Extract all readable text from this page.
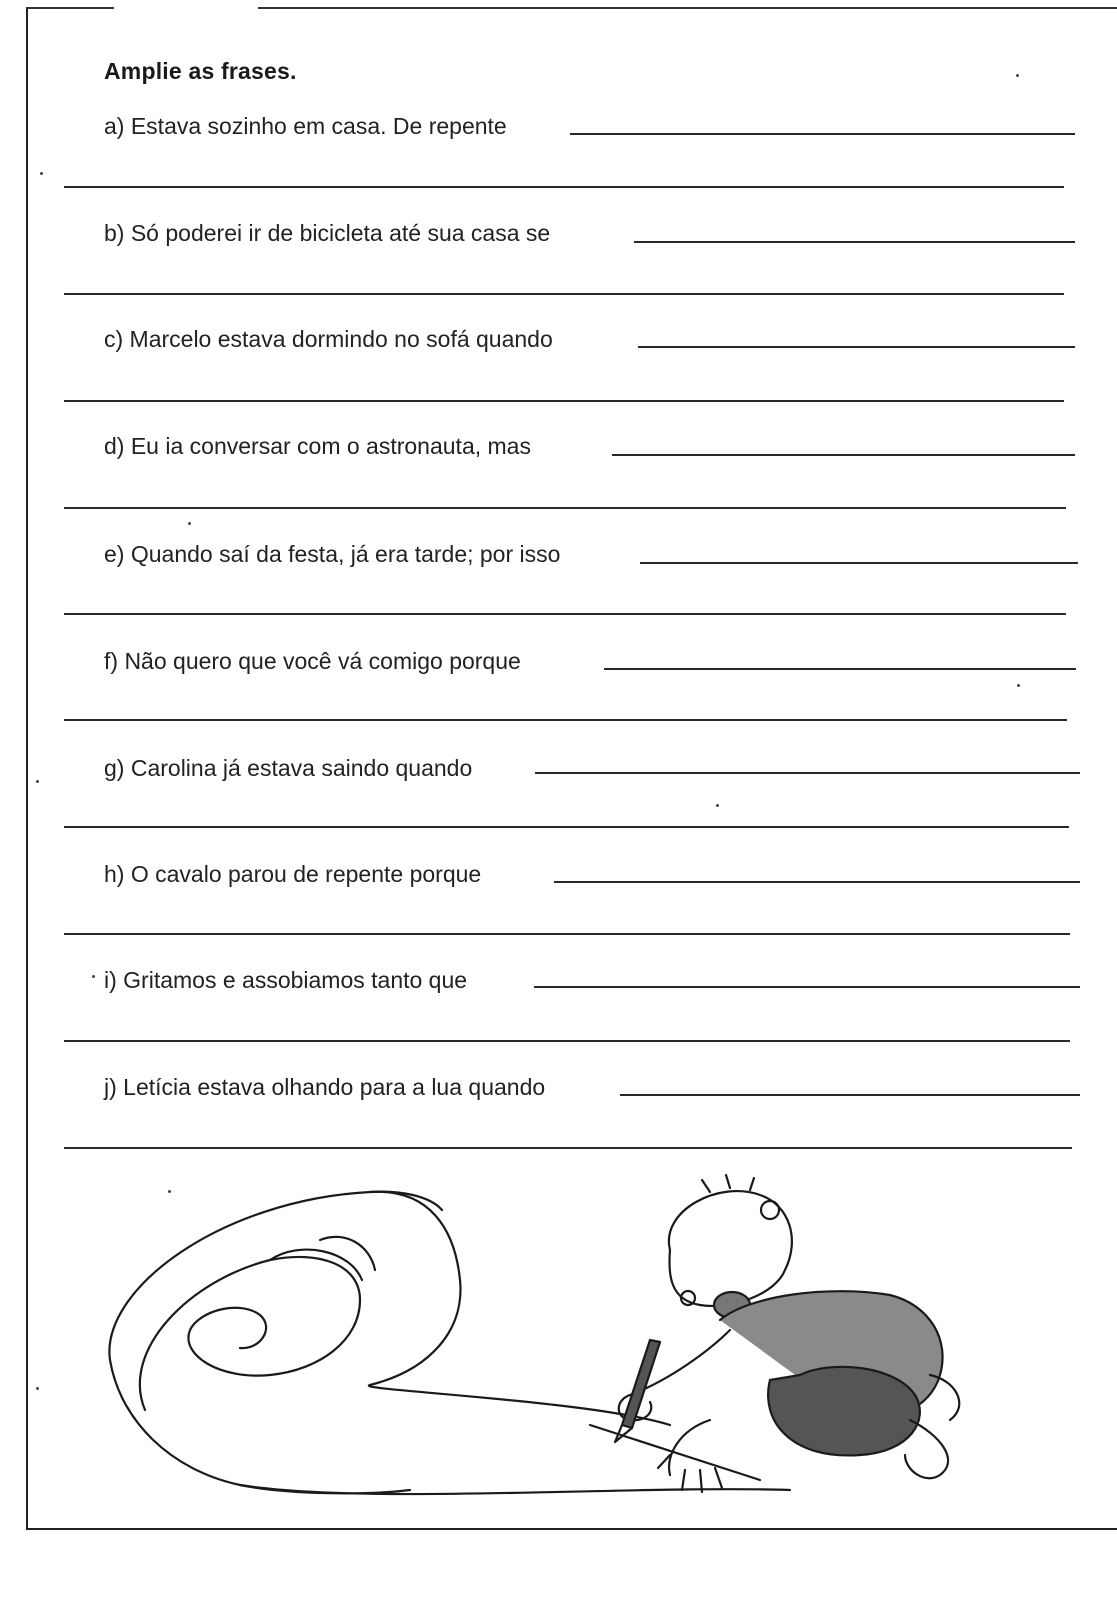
Amplie as frases.
a) Estava sozinho em casa. De repente
b) Só poderei ir de bicicleta até sua casa se
c) Marcelo estava dormindo no sofá quando
d) Eu ia conversar com o astronauta, mas
e) Quando saí da festa, já era tarde; por isso
f) Não quero que você vá comigo porque
g) Carolina já estava saindo quando
h) O cavalo parou de repente porque
i) Gritamos e assobiamos tanto que
j) Letícia estava olhando para a lua quando
